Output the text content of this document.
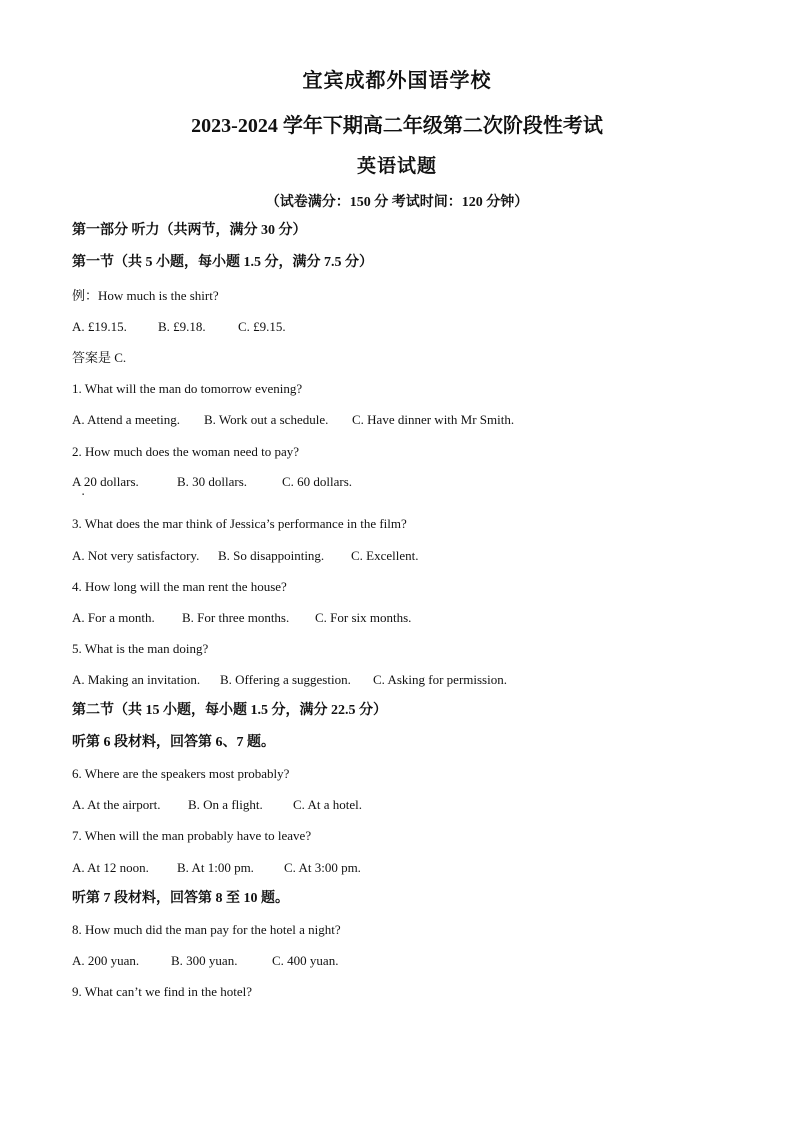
宜宾成都外国语学校
2023-2024 学年下期高二年级第二次阶段性考试
英语试题
（试卷满分：150 分 考试时间：120 分钟）
第一部分 听力（共两节，满分 30 分）
第一节（共 5 小题，每小题 1.5 分，满分 7.5 分）
例：How much is the shirt?
A. £19.15. B. £9.18. C. £9.15.
答案是 C.
1. What will the man do tomorrow evening?
A. Attend a meeting. B. Work out a schedule. C. Have dinner with Mr Smith.
2. How much does the woman need to pay?
A 20 dollars.	B. 30 dollars.	C. 60 dollars.
▪
3. What does the mar think of Jessica’s performance in the film?
A. Not very satisfactory. B. So disappointing. C. Excellent.
4. How long will the man rent the house?
A. For a month. B. For three months. C. For six months.
5. What is the man doing?
A. Making an invitation. B. Offering a suggestion. C. Asking for permission.
第二节（共 15 小题，每小题 1.5 分，满分 22.5 分）
听第 6 段材料，回答第 6、7 题。
6. Where are the speakers most probably?
A. At the airport. B. On a flight. C. At a hotel.
7. When will the man probably have to leave?
A. At 12 noon. B. At 1:00 pm. C. At 3:00 pm.
听第 7 段材料，回答第 8 至 10 题。
8. How much did the man pay for the hotel a night?
A. 200 yuan. B. 300 yuan.	C. 400 yuan.
9. What can’t we find in the hotel?
